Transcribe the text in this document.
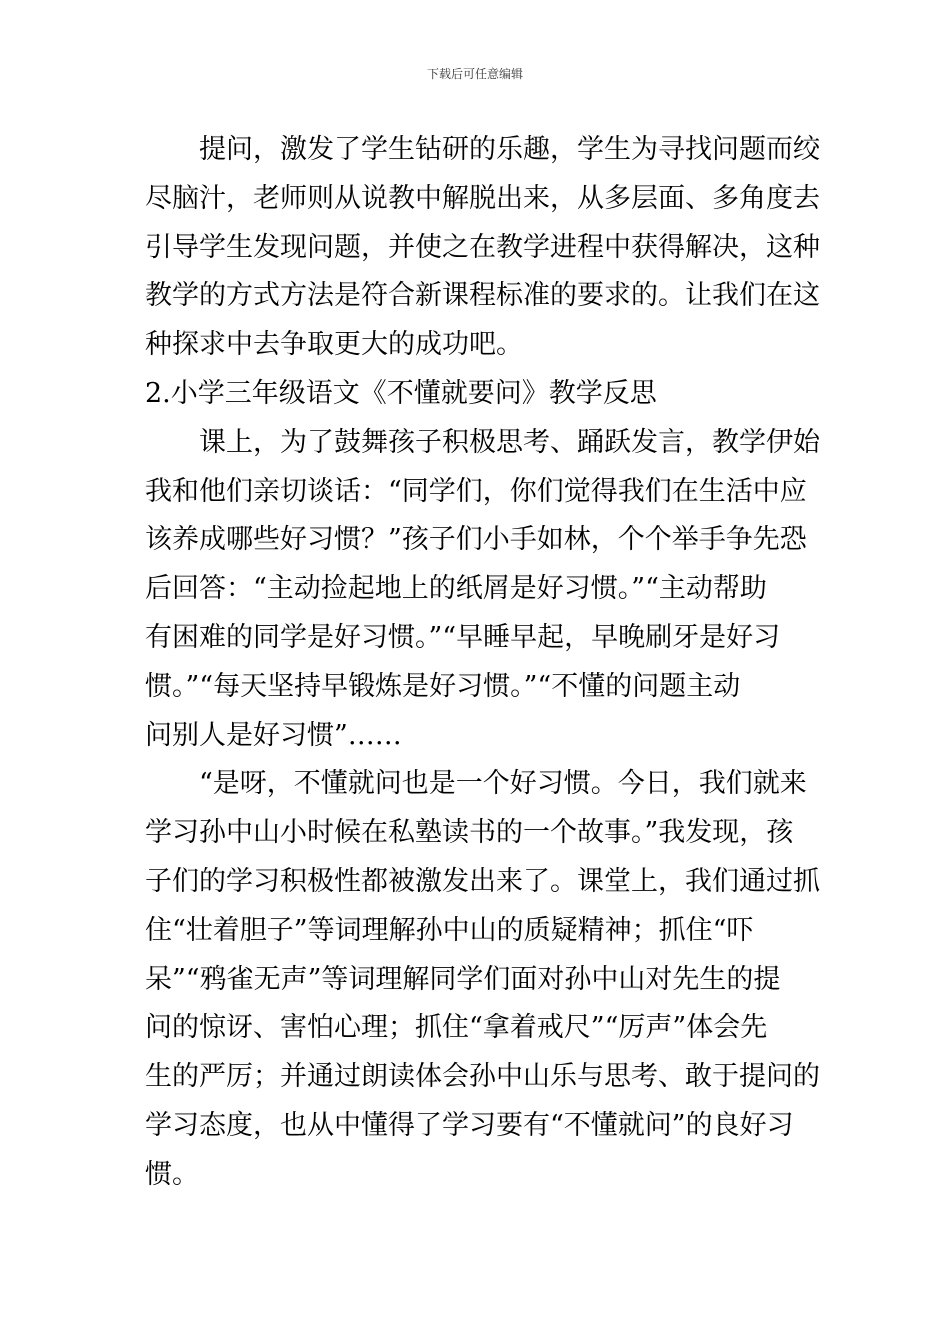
下载后可任意编辑
　　提问，激发了学生钻研的乐趣，学生为寻找问题而绞
尽脑汁，老师则从说教中解脱出来，从多层面、多角度去
引导学生发现问题，并使之在教学进程中获得解决，这种
教学的方式方法是符合新课程标准的要求的。让我们在这
种探求中去争取更大的成功吧。
2.小学三年级语文《不懂就要问》教学反思
　　课上，为了鼓舞孩子积极思考、踊跃发言，教学伊始
我和他们亲切谈话：“同学们，你们觉得我们在生活中应
该养成哪些好习惯？”孩子们小手如林，个个举手争先恐
后回答：“主动捡起地上的纸屑是好习惯。”“主动帮助
有困难的同学是好习惯。”“早睡早起，早晚刷牙是好习
惯。”“每天坚持早锻炼是好习惯。”“不懂的问题主动
问别人是好习惯”……
　　“是呀，不懂就问也是一个好习惯。今日，我们就来
学习孙中山小时候在私塾读书的一个故事。”我发现，孩
子们的学习积极性都被激发出来了。课堂上，我们通过抓
住“壮着胆子”等词理解孙中山的质疑精神；抓住“吓
呆”“鸦雀无声”等词理解同学们面对孙中山对先生的提
问的惊讶、害怕心理；抓住“拿着戒尺”“厉声”体会先
生的严厉；并通过朗读体会孙中山乐与思考、敢于提问的
学习态度，也从中懂得了学习要有“不懂就问”的良好习
惯。
